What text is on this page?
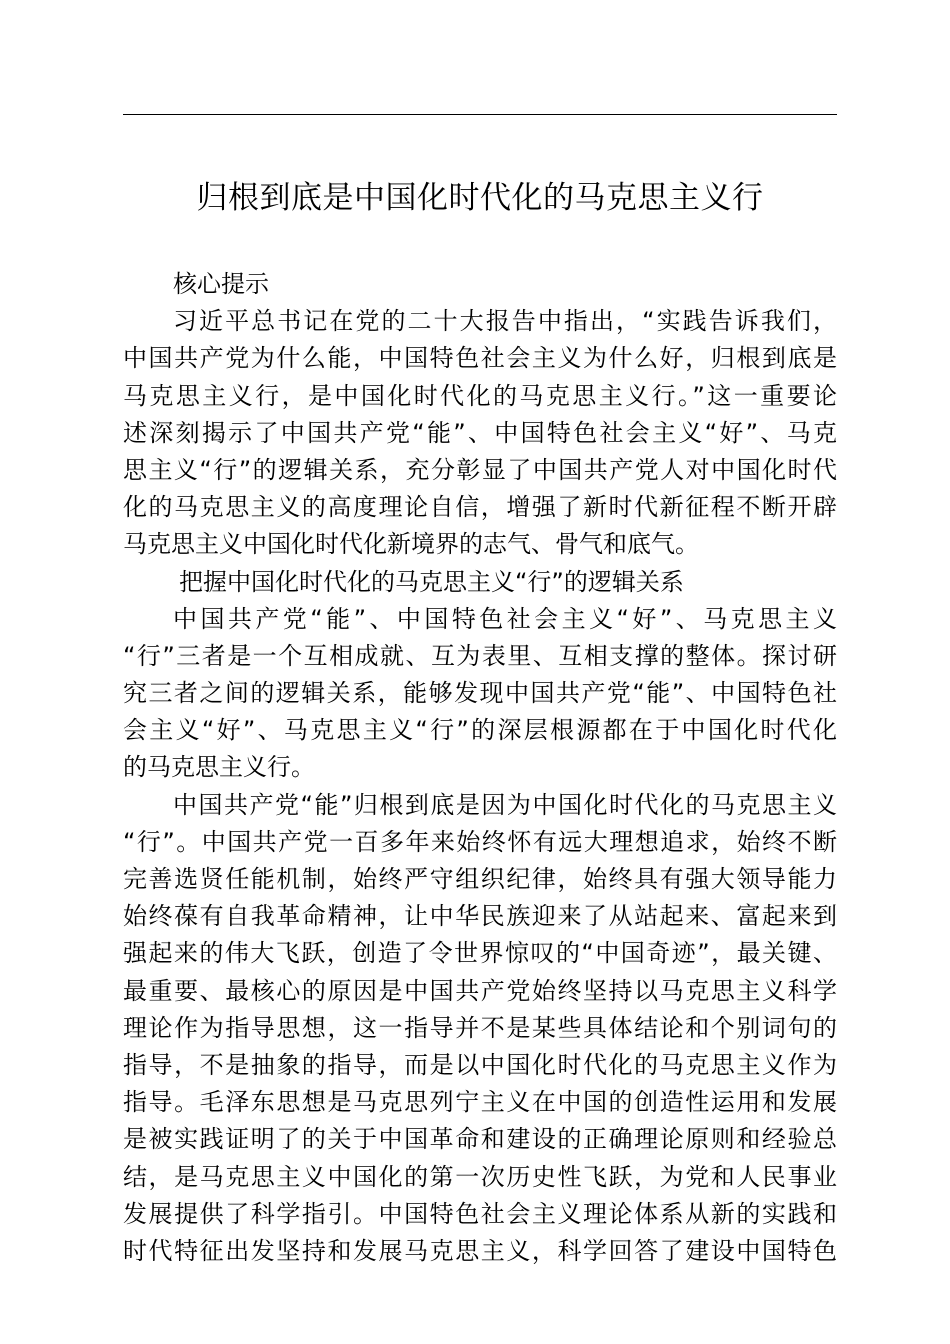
归根到底是中国化时代化的马克思主义行
核心提示
习近平总书记在党的二十大报告中指出，“实践告诉我们，
中国共产党为什么能，中国特色社会主义为什么好，归根到底是
马克思主义行，是中国化时代化的马克思主义行。”这一重要论
述深刻揭示了中国共产党“能”、中国特色社会主义“好”、马克
思主义“行”的逻辑关系，充分彰显了中国共产党人对中国化时代
化的马克思主义的高度理论自信，增强了新时代新征程不断开辟
马克思主义中国化时代化新境界的志气、骨气和底气。
把握中国化时代化的马克思主义“行”的逻辑关系
中国共产党“能”、中国特色社会主义“好”、马克思主义
“行”三者是一个互相成就、互为表里、互相支撑的整体。探讨研
究三者之间的逻辑关系，能够发现中国共产党“能”、中国特色社
会主义“好”、马克思主义“行”的深层根源都在于中国化时代化
的马克思主义行。
中国共产党“能”归根到底是因为中国化时代化的马克思主义
“行”。中国共产党一百多年来始终怀有远大理想追求，始终不断
完善选贤任能机制，始终严守组织纪律，始终具有强大领导能力
始终葆有自我革命精神，让中华民族迎来了从站起来、富起来到
强起来的伟大飞跃，创造了令世界惊叹的“中国奇迹”，最关键、
最重要、最核心的原因是中国共产党始终坚持以马克思主义科学
理论作为指导思想，这一指导并不是某些具体结论和个别词句的
指导，不是抽象的指导，而是以中国化时代化的马克思主义作为
指导。毛泽东思想是马克思列宁主义在中国的创造性运用和发展
是被实践证明了的关于中国革命和建设的正确理论原则和经验总
结，是马克思主义中国化的第一次历史性飞跃，为党和人民事业
发展提供了科学指引。中国特色社会主义理论体系从新的实践和
时代特征出发坚持和发展马克思主义，科学回答了建设中国特色
